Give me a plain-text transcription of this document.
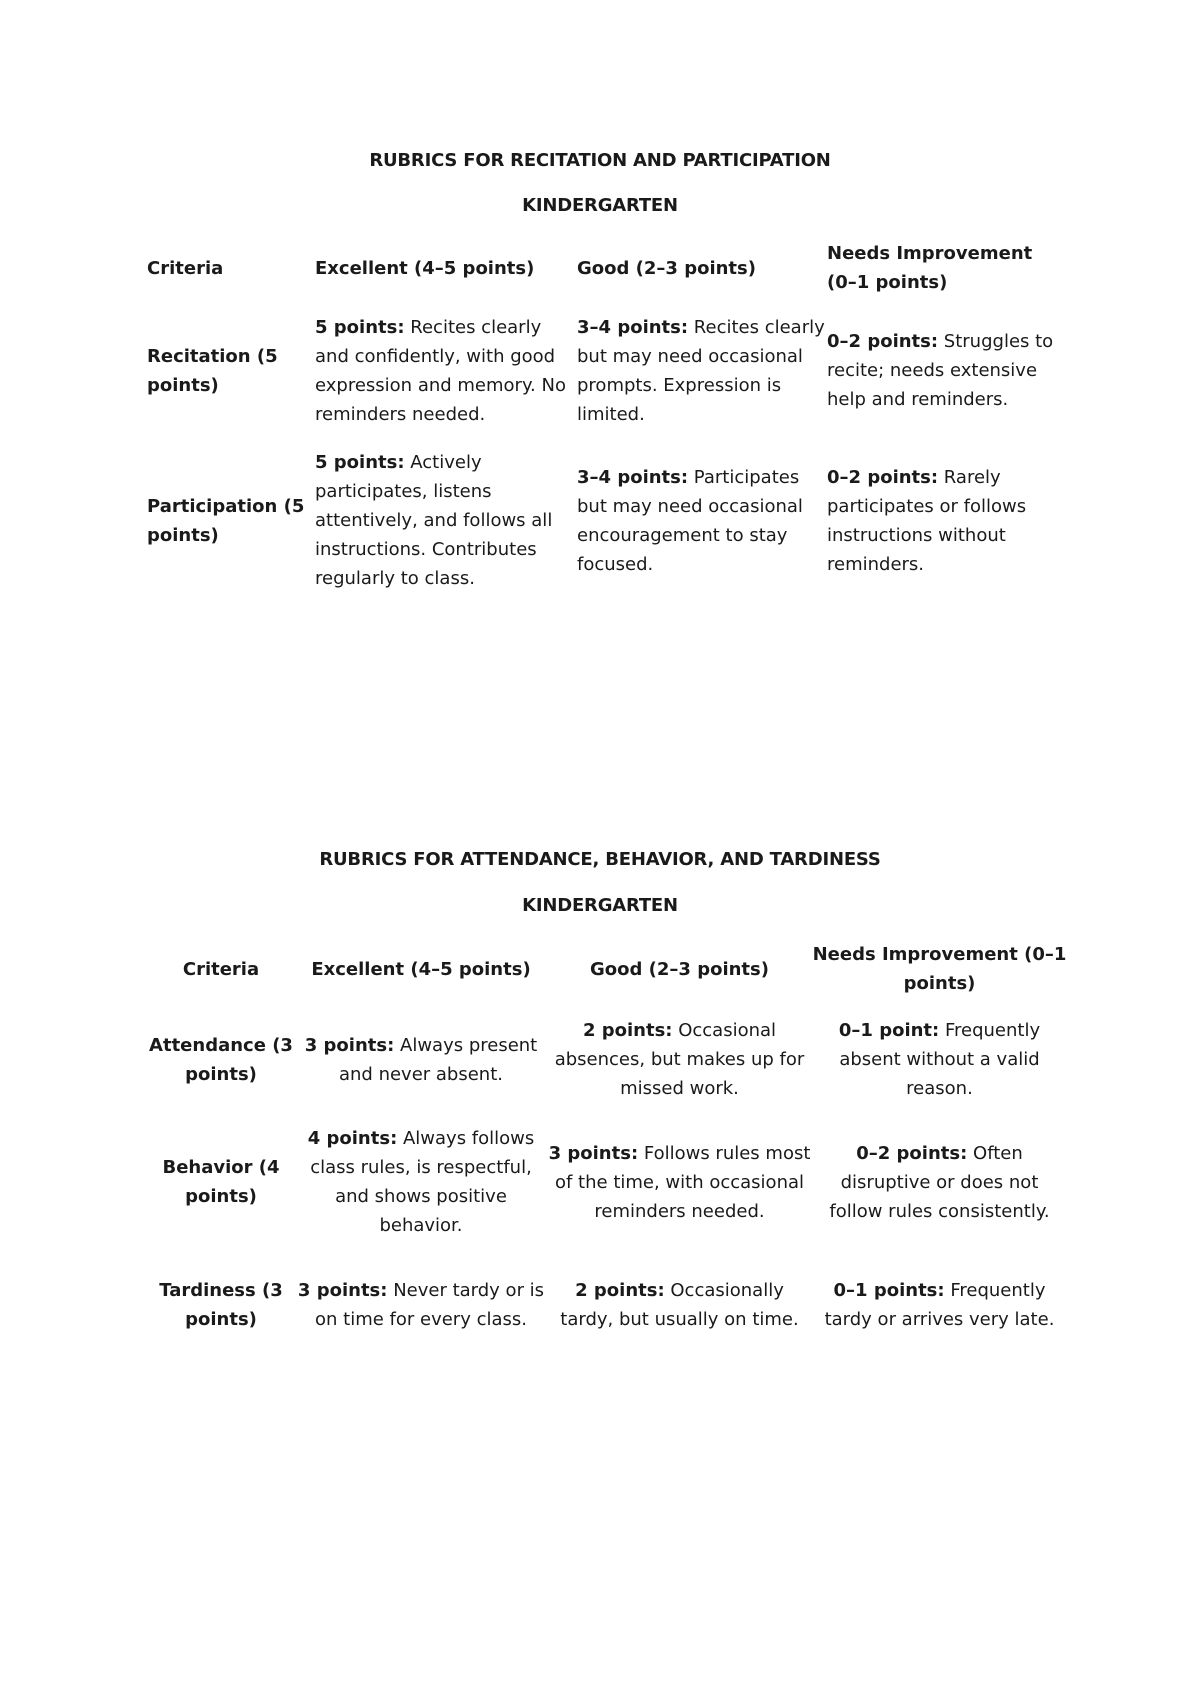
RUBRICS FOR RECITATION AND PARTICIPATION
KINDERGARTEN
Criteria	Excellent (4–5 points)	Good (2–3 points)	Needs Improvement (0–1 points)
Recitation (5 points)	5 points: Recites clearly and confidently, with good expression and memory. No reminders needed.	3–4 points: Recites clearly but may need occasional prompts. Expression is limited.	0–2 points: Struggles to recite; needs extensive help and reminders.
Participation (5 points)	5 points: Actively participates, listens attentively, and follows all instructions. Contributes regularly to class.	3–4 points: Participates but may need occasional encouragement to stay focused.	0–2 points: Rarely participates or follows instructions without reminders.
RUBRICS FOR ATTENDANCE, BEHAVIOR, AND TARDINESS
KINDERGARTEN
Criteria	Excellent (4–5 points)	Good (2–3 points)	Needs Improvement (0–1 points)
Attendance (3 points)	3 points: Always present and never absent.	2 points: Occasional absences, but makes up for missed work.	0–1 point: Frequently absent without a valid reason.
Behavior (4 points)	4 points: Always follows class rules, is respectful, and shows positive behavior.	3 points: Follows rules most of the time, with occasional reminders needed.	0–2 points: Often disruptive or does not follow rules consistently.
Tardiness (3 points)	3 points: Never tardy or is on time for every class.	2 points: Occasionally tardy, but usually on time.	0–1 points: Frequently tardy or arrives very late.
